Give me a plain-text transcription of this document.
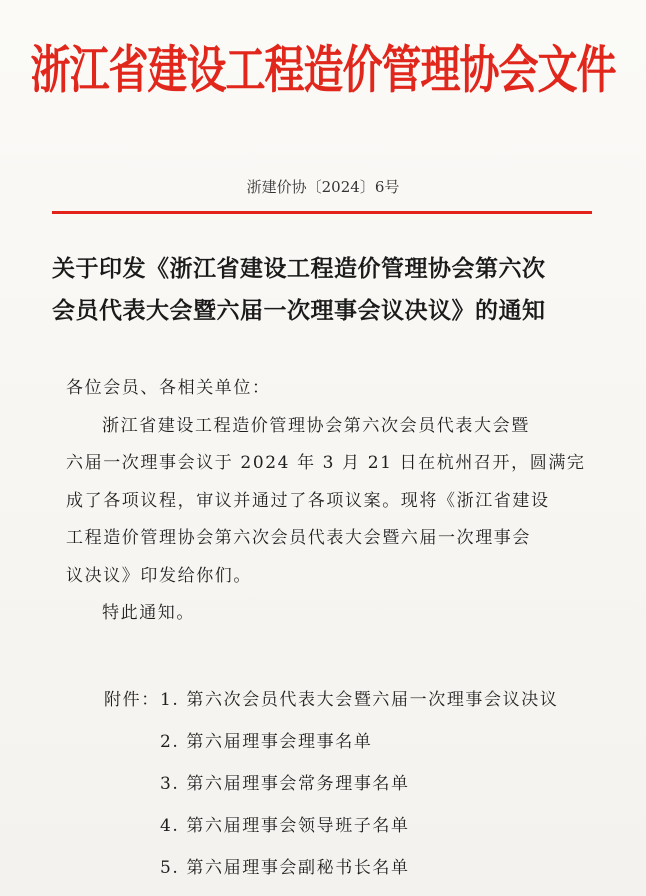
浙江省建设工程造价管理协会文件
浙建价协〔2024〕6号
关于印发《浙江省建设工程造价管理协会第六次
会员代表大会暨六届一次理事会议决议》的通知
各位会员、各相关单位：
浙江省建设工程造价管理协会第六次会员代表大会暨
六届一次理事会议于 2024 年 3 月 21 日在杭州召开，圆满完
成了各项议程，审议并通过了各项议案。现将《浙江省建设
工程造价管理协会第六次会员代表大会暨六届一次理事会
议决议》印发给你们。
特此通知。
附件： 1. 第六次会员代表大会暨六届一次理事会议决议
2. 第六届理事会理事名单
3. 第六届理事会常务理事名单
4. 第六届理事会领导班子名单
5. 第六届理事会副秘书长名单
